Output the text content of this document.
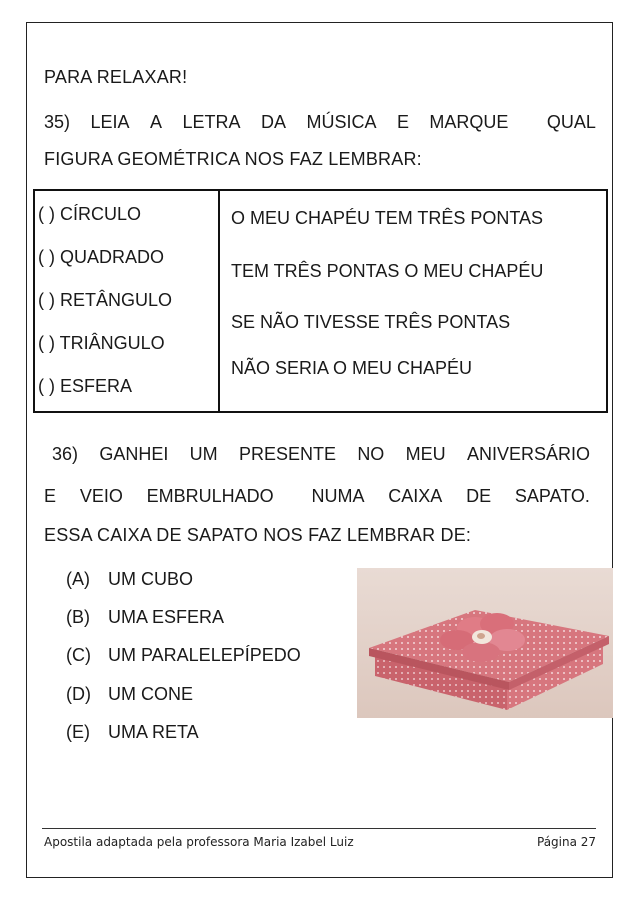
PARA RELAXAR!
35) LEIA A LETRA DA MÚSICA E MARQUE QUAL
FIGURA GEOMÉTRICA NOS FAZ LEMBRAR:
( ) CÍRCULO
( ) QUADRADO
( ) RETÂNGULO
( ) TRIÂNGULO
( ) ESFERA
O MEU CHAPÉU TEM TRÊS PONTAS
TEM TRÊS PONTAS O MEU CHAPÉU
SE NÃO TIVESSE TRÊS PONTAS
NÃO SERIA O MEU CHAPÉU
36) GANHEI UM PRESENTE NO MEU ANIVERSÁRIO
E VEIO EMBRULHADO NUMA CAIXA DE SAPATO.
ESSA CAIXA DE SAPATO NOS FAZ LEMBRAR DE:
(A) UM CUBO
(B) UMA ESFERA
(C) UM PARALELEPÍPEDO
(D) UM CONE
(E) UMA RETA
Apostila adaptada pela professora Maria Izabel Luiz	Página 27
